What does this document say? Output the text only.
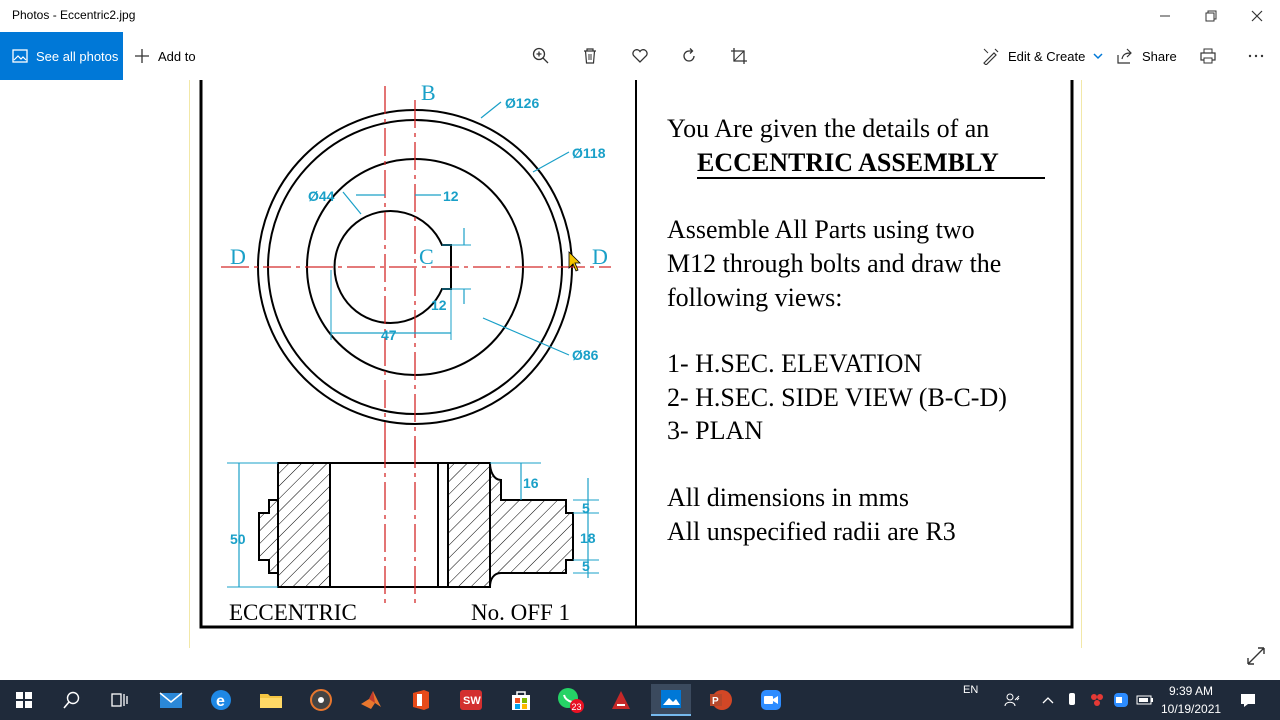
Photos - Eccentric2.jpg
See all photos	Add to	Edit & Create	Share
B
D	D
C
Ø126
Ø118
Ø44
Ø86
12
12
47
50
16
5
18
5
ECCENTRIC	No. OFF 1
You Are given the details of an
ECCENTRIC ASSEMBLY
Assemble All Parts using two
M12 through bolts and draw the
following views:
1- H.SEC. ELEVATION
2- H.SEC. SIDE VIEW (B-C-D)
3- PLAN
All dimensions in mms
All unspecified radii are R3
e	SW	23	P
EN	9:39 AM
10/19/2021
